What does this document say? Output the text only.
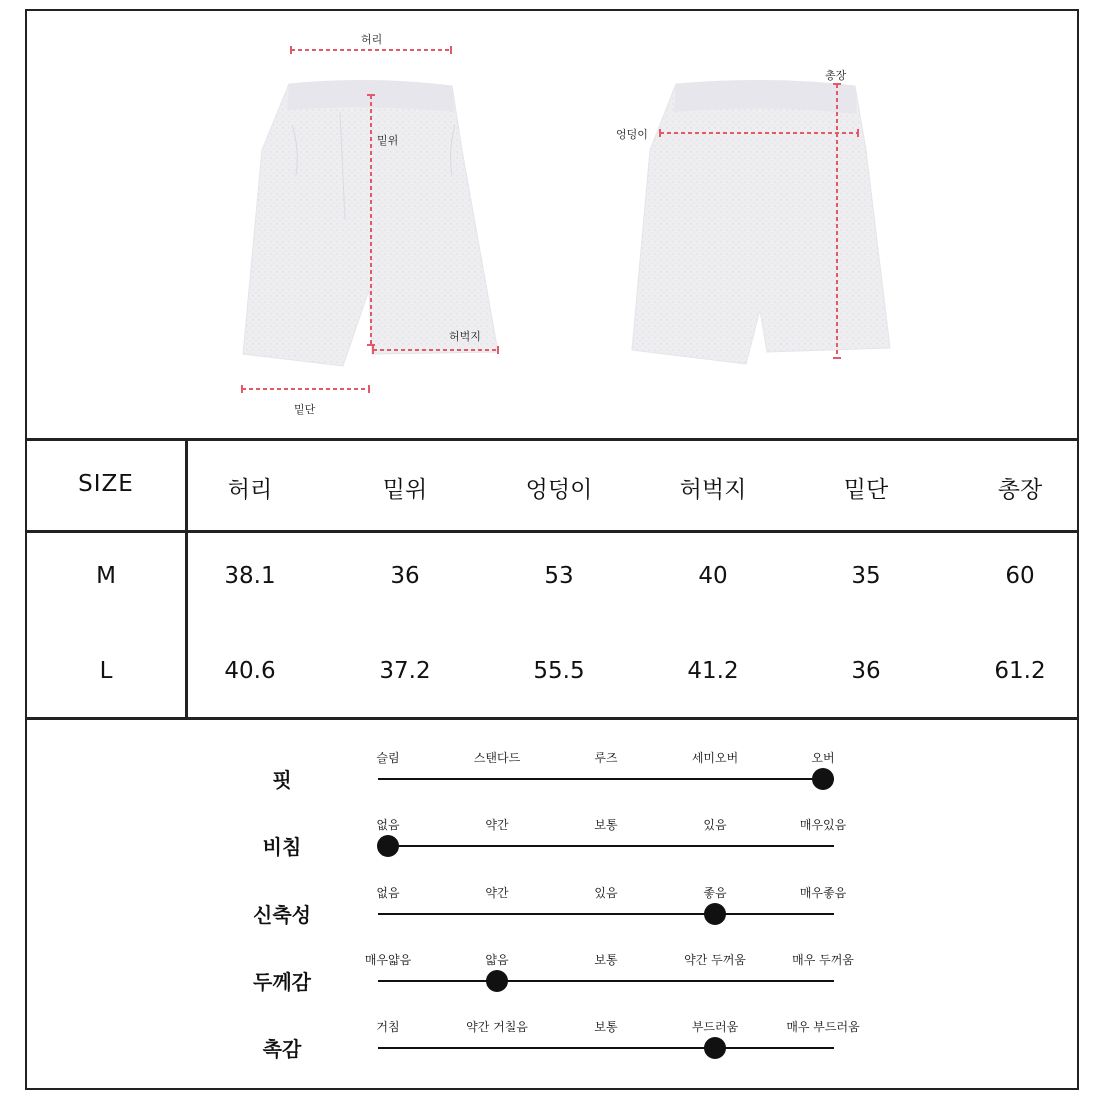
허리
밑위
허벅지
밑단
총장
엉덩이
SIZE	허리	밑위	엉덩이	허벅지	밑단	총장
M	38.1	36	53	40	35	60
L	40.6	37.2	55.5	41.2	36	61.2
핏
슬림	스탠다드	루즈	세미오버	오버
비침
없음	약간	보통	있음	매우있음
신축성
없음	약간	있음	좋음	매우좋음
두께감
매우얇음	얇음	보통	약간 두꺼움	매우 두꺼움
촉감
거침	약간 거칠음	보통	부드러움	매우 부드러움
